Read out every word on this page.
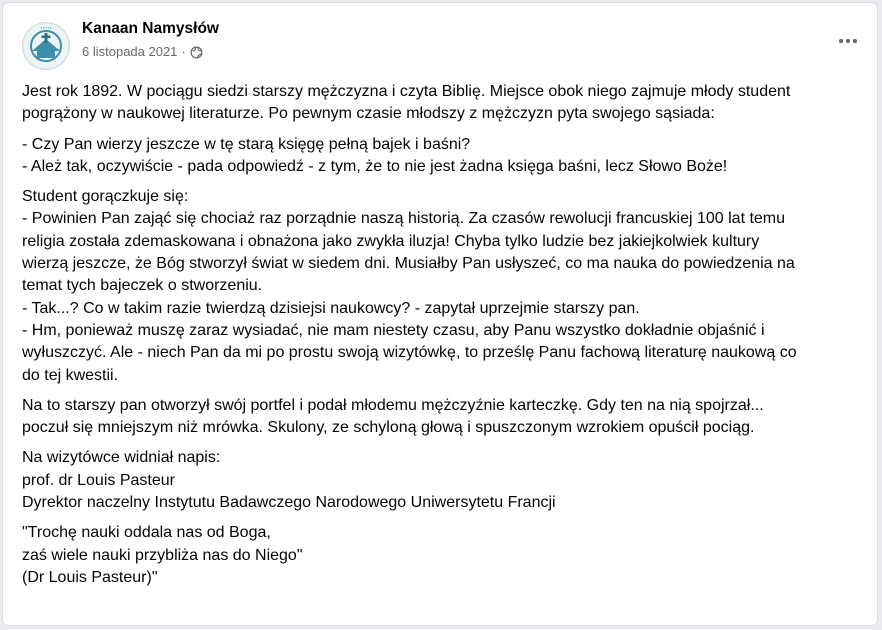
••••• Kanaan Namysłów
6 listopada 2021 ·
Jest rok 1892. W pociągu siedzi starszy mężczyzna i czyta Biblię. Miejsce obok niego zajmuje młody student
pogrążony w naukowej literaturze. Po pewnym czasie młodszy z mężczyzn pyta swojego sąsiada:
- Czy Pan wierzy jeszcze w tę starą księgę pełną bajek i baśni?
- Ależ tak, oczywiście - pada odpowiedź - z tym, że to nie jest żadna księga baśni, lecz Słowo Boże!
Student gorączkuje się:
- Powinien Pan zająć się chociaż raz porządnie naszą historią. Za czasów rewolucji francuskiej 100 lat temu
religia została zdemaskowana i obnażona jako zwykła iluzja! Chyba tylko ludzie bez jakiejkolwiek kultury
wierzą jeszcze, że Bóg stworzył świat w siedem dni. Musiałby Pan usłyszeć, co ma nauka do powiedzenia na
temat tych bajeczek o stworzeniu.
- Tak...? Co w takim razie twierdzą dzisiejsi naukowcy? - zapytał uprzejmie starszy pan.
- Hm, ponieważ muszę zaraz wysiadać, nie mam niestety czasu, aby Panu wszystko dokładnie objaśnić i
wyłuszczyć. Ale - niech Pan da mi po prostu swoją wizytówkę, to prześlę Panu fachową literaturę naukową co
do tej kwestii.
Na to starszy pan otworzył swój portfel i podał młodemu mężczyźnie karteczkę. Gdy ten na nią spojrzał...
poczuł się mniejszym niż mrówka. Skulony, ze schyloną głową i spuszczonym wzrokiem opuścił pociąg.
Na wizytówce widniał napis:
prof. dr Louis Pasteur
Dyrektor naczelny Instytutu Badawczego Narodowego Uniwersytetu Francji
"Trochę nauki oddala nas od Boga,
zaś wiele nauki przybliża nas do Niego"
(Dr Louis Pasteur)"
